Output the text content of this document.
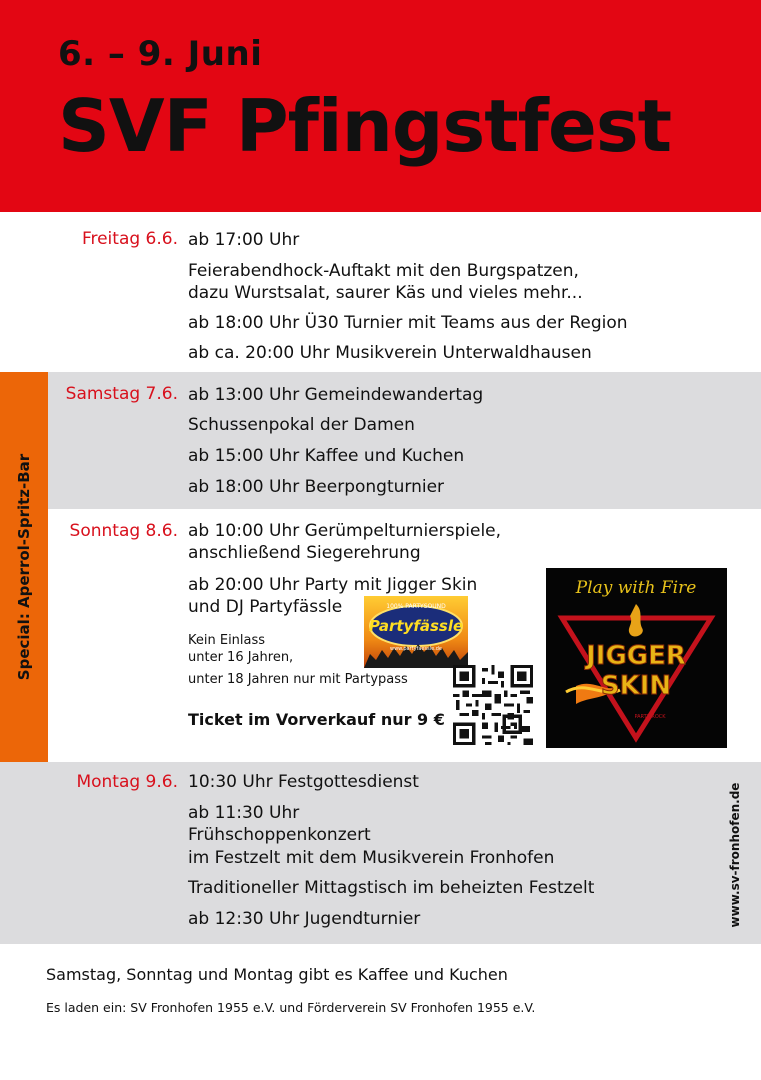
6. – 9. Juni
SVF Pfingstfest
Special: Aperrol-Spritz-Bar
Freitag 6.6. ab 17:00 Uhr
Feierabendhock-Auftakt mit den Burgspatzen,
dazu Wurstsalat, saurer Käs und vieles mehr...
ab 18:00 Uhr Ü30 Turnier mit Teams aus der Region
ab ca. 20:00 Uhr Musikverein Unterwaldhausen
Samstag 7.6. ab 13:00 Uhr Gemeindewandertag
Schussenpokal der Damen
ab 15:00 Uhr Kaffee und Kuchen
ab 18:00 Uhr Beerpongturnier
Sonntag 8.6. ab 10:00 Uhr Gerümpelturnierspiele,
anschließend Siegerehrung
ab 20:00 Uhr Party mit Jigger Skin
und DJ Partyfässle
Kein Einlass
unter 16 Jahren,
unter 18 Jahren nur mit Partypass
Ticket im Vorverkauf nur 9 €
100% PARTYSOUND
Partyfässle
www.partyfaessle.de
Play with Fire
JIGGER
SKIN
PARTY ROCK
Montag 9.6. 10:30 Uhr Festgottesdienst
ab 11:30 Uhr
Frühschoppenkonzert
im Festzelt mit dem Musikverein Fronhofen
Traditioneller Mittagstisch im beheizten Festzelt
ab 12:30 Uhr Jugendturnier	www.sv-fronhofen.de
Samstag, Sonntag und Montag gibt es Kaffee und Kuchen
Es laden ein: SV Fronhofen 1955 e.V. und Förderverein SV Fronhofen 1955 e.V.
